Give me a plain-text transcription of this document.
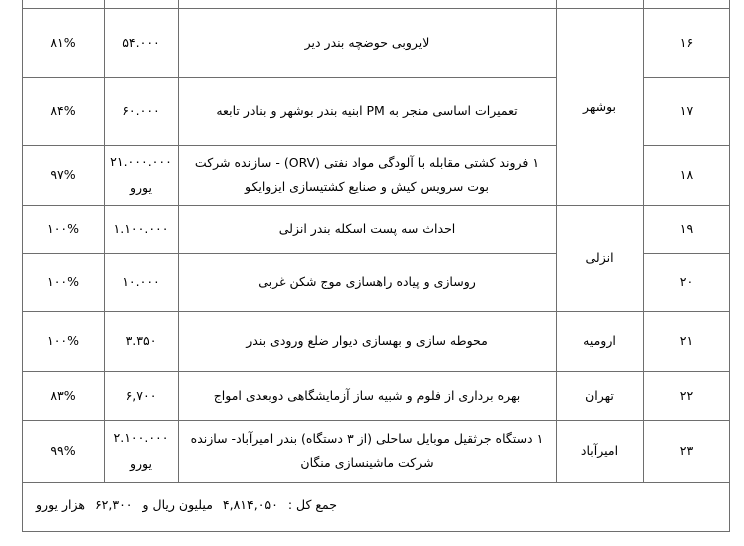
۱۶
لایروبی حوضچه بندر دیر
۵۴.۰۰۰
۸۱%
۱۷
تعمیرات اساسی منجر به PM ابنیه بندر بوشهر و بنادر تابعه
۶۰.۰۰۰
۸۴%	بوشهر
۱۸
۱ فروند کشتی مقابله با آلودگی مواد نفتی (ORV) - سازنده شرکت بوت سرویس کیش و صنایع کشتیسازی ایزوایکو
۲۱.۰۰۰.۰۰۰
یورو
۹۷%
۱۹
احداث سه پست اسکله بندر انزلی
۱.۱۰۰.۰۰۰
۱۰۰%
انزلی
۲۰
روسازی و پیاده راهسازی موج شکن غربی
۱۰.۰۰۰
۱۰۰%
۲۱
ارومیه
محوطه سازی و بهسازی دیوار ضلع ورودی بندر
۳.۳۵۰
۱۰۰%
۲۲
تهران
بهره برداری از فلوم و شبیه ساز آزمایشگاهی دوبعدی امواج
۶,۷۰۰
۸۳%
۲۳
امیرآباد
۱ دستگاه جرثقیل موبایل ساحلی (از ۳ دستگاه) بندر امیرآباد- سازنده شرکت ماشینسازی منگان
۲.۱۰۰.۰۰۰
یورو
۹۹%
جمع کل : ۴,۸۱۴,۰۵۰ میلیون ریال و ۶۲,۳۰۰ هزار یورو
